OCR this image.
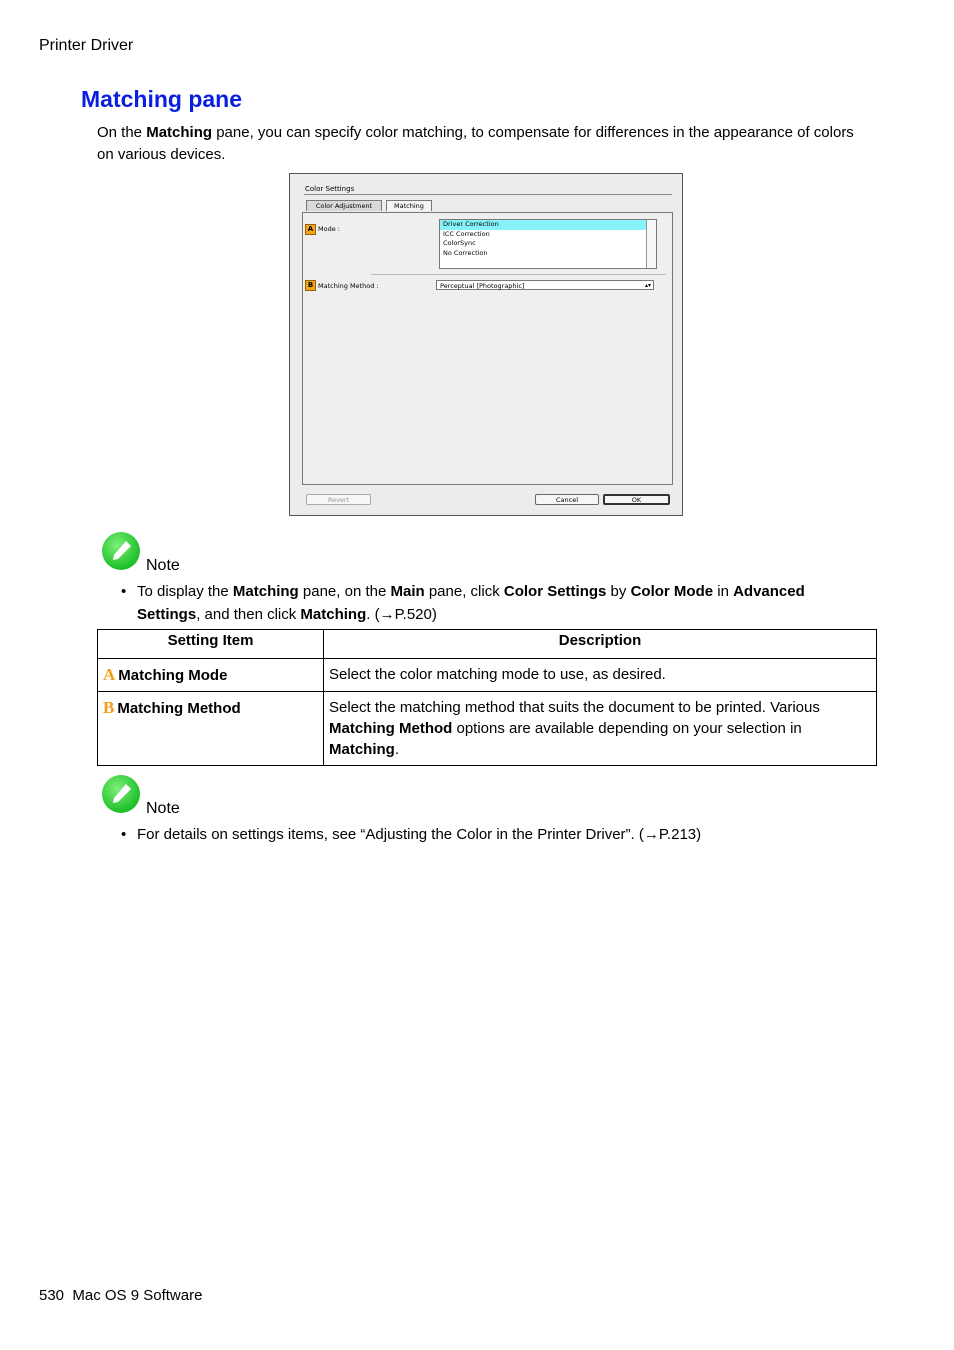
Printer Driver
Matching pane
On the Matching pane, you can specify color matching, to compensate for differences in the appearance of colors on various devices.
Color Settings
Color Adjustment	Matching
A Mode :
Driver Correction
ICC Correction
ColorSync
No Correction
B Matching Method :	Perceptual [Photographic]	▴▾
Revert	Cancel	OK
Note
• To display the Matching pane, on the Main pane, click Color Settings by Color Mode in Advanced Settings, and then click Matching. (→P.520)
Setting Item	Description
A Matching Mode	Select the color matching mode to use, as desired.
B Matching Method	Select the matching method that suits the document to be printed. Various Matching Method options are available depending on your selection in Matching.
Note
• For details on settings items, see “Adjusting the Color in the Printer Driver”. (→P.213)
530 Mac OS 9 Software
